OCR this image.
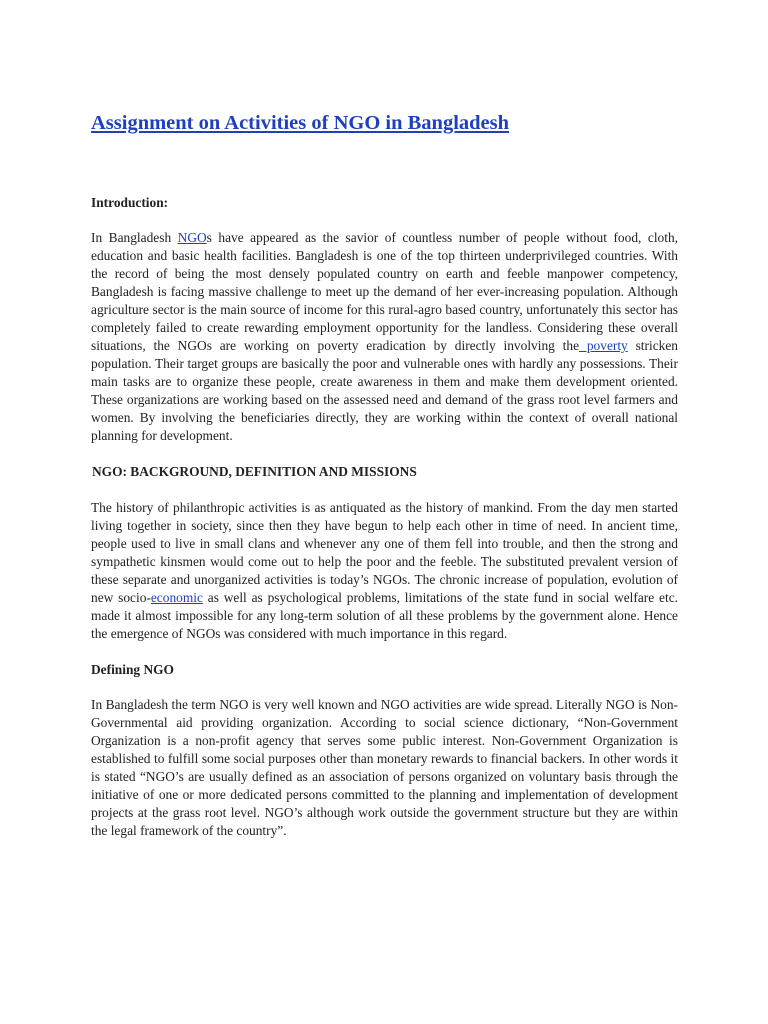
Assignment on Activities of NGO in Bangladesh
Introduction:

In Bangladesh NGOs have appeared as the savior of countless number of people without food, cloth, education and basic health facilities. Bangladesh is one of the top thirteen underprivileged countries. With the record of being the most densely populated country on earth and feeble manpower competency, Bangladesh is facing massive challenge to meet up the demand of her ever-increasing population. Although agriculture sector is the main source of income for this rural-agro based country, unfortunately this sector has completely failed to create rewarding employment opportunity for the landless. Considering these overall situations, the NGOs are working on poverty eradication by directly involving the poverty stricken population. Their target groups are basically the poor and vulnerable ones with hardly any possessions. Their main tasks are to organize these people, create awareness in them and make them development oriented. These organizations are working based on the assessed need and demand of the grass root level farmers and women. By involving the beneficiaries directly, they are working within the context of overall national planning for development.

NGO: BACKGROUND, DEFINITION AND MISSIONS

The history of philanthropic activities is as antiquated as the history of mankind. From the day men started living together in society, since then they have begun to help each other in time of need. In ancient time, people used to live in small clans and whenever any one of them fell into trouble, and then the strong and sympathetic kinsmen would come out to help the poor and the feeble. The substituted prevalent version of these separate and unorganized activities is today’s NGOs. The chronic increase of population, evolution of new socio-economic as well as psychological problems, limitations of the state fund in social welfare etc. made it almost impossible for any long-term solution of all these problems by the government alone. Hence the emergence of NGOs was considered with much importance in this regard.

Defining NGO

In Bangladesh the term NGO is very well known and NGO activities are wide spread. Literally NGO is Non-Governmental aid providing organization. According to social science dictionary, “Non-Government Organization is a non-profit agency that serves some public interest. Non-Government Organization is established to fulfill some social purposes other than monetary rewards to financial backers. In other words it is stated “NGO’s are usually defined as an association of persons organized on voluntary basis through the initiative of one or more dedicated persons committed to the planning and implementation of development projects at the grass root level. NGO’s although work outside the government structure but they are within the legal framework of the country”.
